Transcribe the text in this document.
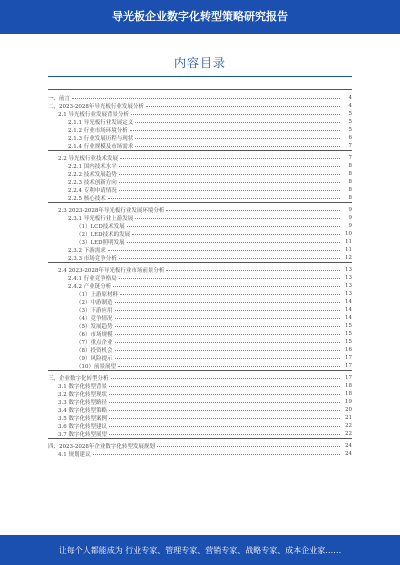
导光板企业数字化转型策略研究报告
内容目录
一、前言	4
二、2023-2028年导光板行业发展分析	4
2.1 导光板行业发展背景分析	5
2.1.1 导光板行业发展定义	5
2.1.2 行业市场环境分析	5
2.1.3 行业发展历程与现状	6
2.1.4 行业规模及市场需求	7
2.2 导光板行业技术发展	7
2.2.1 国内技术水平	8
2.2.2 技术发展趋势	8
2.2.3 技术创新方向	8
2.2.4 专利申请情况	8
2.2.5 核心技术	8
2.3 2023-2028年导光板行业发展环境分析	9
2.3.1 导光板行业上游发展	9
（1）LCD技术发展	9
（2）LED技术的发展	10
（3）LED照明发展	11
2.3.2 下游需求	11
2.3.3 市场竞争分析	12
2.4 2023-2028年导光板行业市场前景分析	13
2.4.1 行业竞争格局	13
2.4.2 产业链分析	13
（1）上游原材料	13
（2）中游制造	14
（3）下游应用	14
（4）竞争情况	14
（5）发展趋势	15
（6）市场规模	15
（7）重点企业	15
（8）投资机会	16
（9）风险提示	17
（10）前景展望	17
三、企业数字化转型分析	17
3.1 数字化转型背景	18
3.2 数字化转型现状	18
3.3 数字化转型路径	19
3.4 数字化转型策略	20
3.5 数字化转型案例	21
3.6 数字化转型建议	22
3.7 数字化转型展望	22
四、2023-2028年企业数字化转型发展规划	24
4.1 规划建议	24
让每个人都能成为 行业专家、管理专家、营销专家、战略专家、成本企业家……
